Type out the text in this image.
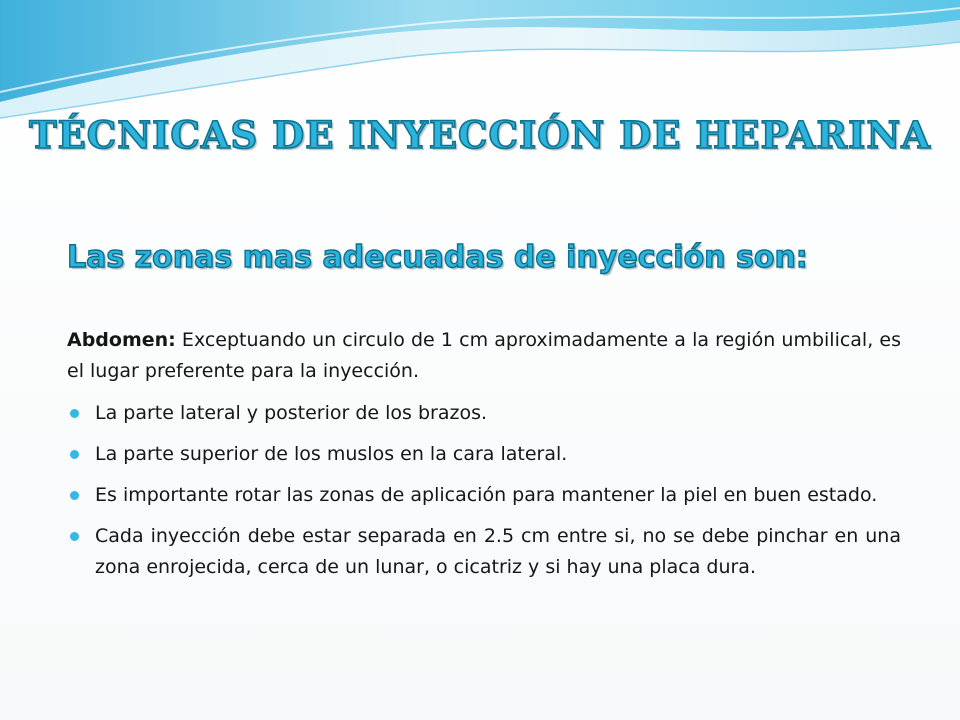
TÉCNICAS DE INYECCIÓN DE HEPARINA
Las zonas mas adecuadas de inyección son:
Abdomen: Exceptuando un circulo de 1 cm aproximadamente a la región umbilical, es el lugar preferente para la inyección.
La parte lateral y posterior de los brazos.
La parte superior de los muslos en la cara lateral.
Es importante rotar las zonas de aplicación para mantener la piel en buen estado.
Cada inyección debe estar separada en 2.5 cm entre si, no se debe pinchar en una zona enrojecida, cerca de un lunar, o cicatriz y si hay una placa dura.
